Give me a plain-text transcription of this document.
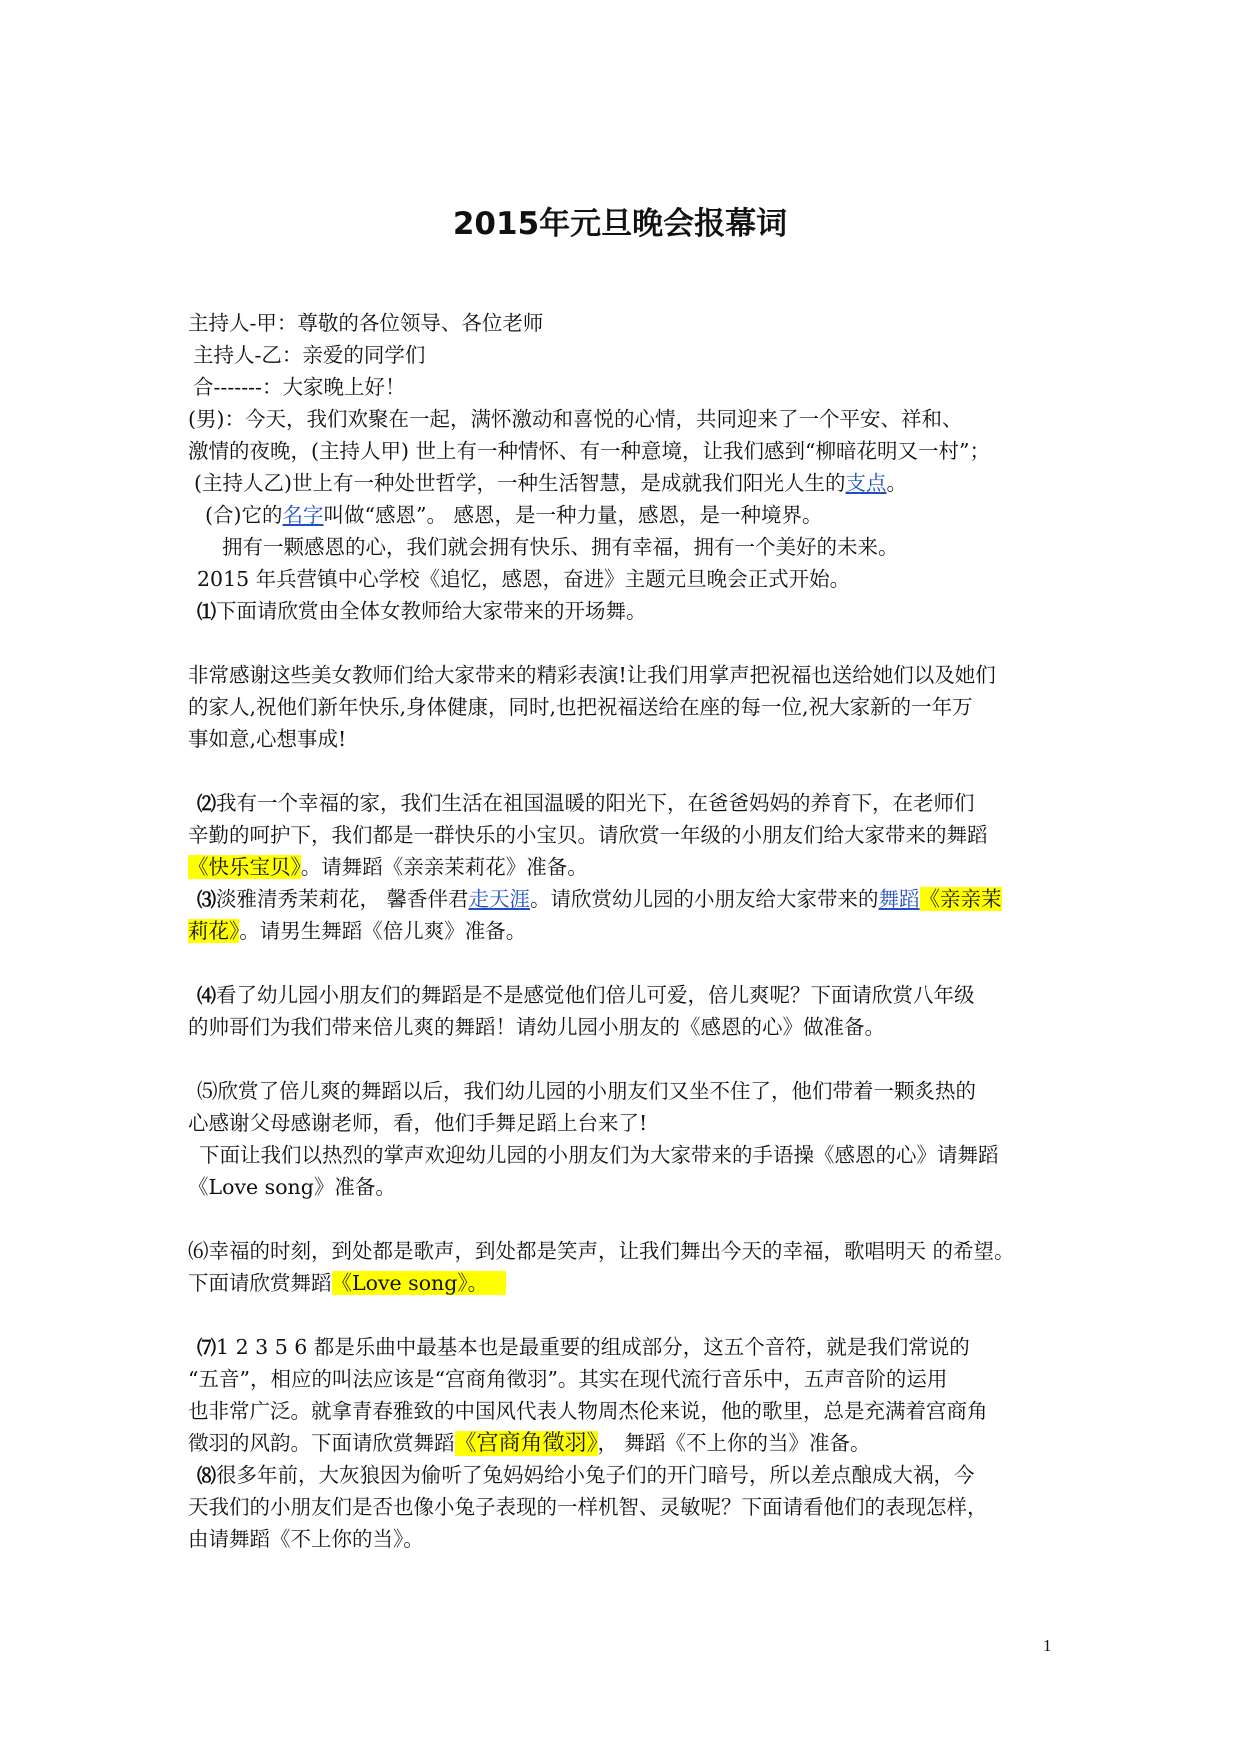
2015年元旦晚会报幕词
主持人-甲：尊敬的各位领导、各位老师
主持人-乙：亲爱的同学们
合-------：大家晚上好！
(男)：今天，我们欢聚在一起，满怀激动和喜悦的心情，共同迎来了一个平安、祥和、
激情的夜晚，(主持人甲) 世上有一种情怀、有一种意境，让我们感到“柳暗花明又一村”；
(主持人乙)世上有一种处世哲学，一种生活智慧，是成就我们阳光人生的支点。
(合)它的名字叫做“感恩”。 感恩，是一种力量，感恩，是一种境界。
拥有一颗感恩的心，我们就会拥有快乐、拥有幸福，拥有一个美好的未来。
2015 年兵营镇中心学校《追忆，感恩，奋进》主题元旦晚会正式开始。
⑴下面请欣赏由全体女教师给大家带来的开场舞。
非常感谢这些美女教师们给大家带来的精彩表演!让我们用掌声把祝福也送给她们以及她们
的家人,祝他们新年快乐,身体健康，同时,也把祝福送给在座的每一位,祝大家新的一年万
事如意,心想事成!
⑵我有一个幸福的家，我们生活在祖国温暖的阳光下，在爸爸妈妈的养育下，在老师们
辛勤的呵护下，我们都是一群快乐的小宝贝。请欣赏一年级的小朋友们给大家带来的舞蹈
《快乐宝贝》。请舞蹈《亲亲茉莉花》准备。
⑶淡雅清秀茉莉花， 馨香伴君走天涯。请欣赏幼儿园的小朋友给大家带来的舞蹈《亲亲茉
莉花》。请男生舞蹈《倍儿爽》准备。
⑷看了幼儿园小朋友们的舞蹈是不是感觉他们倍儿可爱，倍儿爽呢？下面请欣赏八年级
的帅哥们为我们带来倍儿爽的舞蹈！请幼儿园小朋友的《感恩的心》做准备。
⑸欣赏了倍儿爽的舞蹈以后，我们幼儿园的小朋友们又坐不住了，他们带着一颗炙热的
心感谢父母感谢老师，看，他们手舞足蹈上台来了!
下面让我们以热烈的掌声欢迎幼儿园的小朋友们为大家带来的手语操《感恩的心》请舞蹈
《Love song》准备。
⑹幸福的时刻，到处都是歌声，到处都是笑声，让我们舞出今天的幸福，歌唱明天 的希望。
下面请欣赏舞蹈《Love song》。
⑺1 2 3 5 6 都是乐曲中最基本也是最重要的组成部分，这五个音符，就是我们常说的
“五音”，相应的叫法应该是“宫商角徵羽”。其实在现代流行音乐中，五声音阶的运用
也非常广泛。就拿青春雅致的中国风代表人物周杰伦来说，他的歌里，总是充满着宫商角
徵羽的风韵。下面请欣赏舞蹈《宫商角徵羽》， 舞蹈《不上你的当》准备。
⑻很多年前，大灰狼因为偷听了兔妈妈给小兔子们的开门暗号，所以差点酿成大祸，今
天我们的小朋友们是否也像小兔子表现的一样机智、灵敏呢？下面请看他们的表现怎样，
由请舞蹈《不上你的当》。
1
